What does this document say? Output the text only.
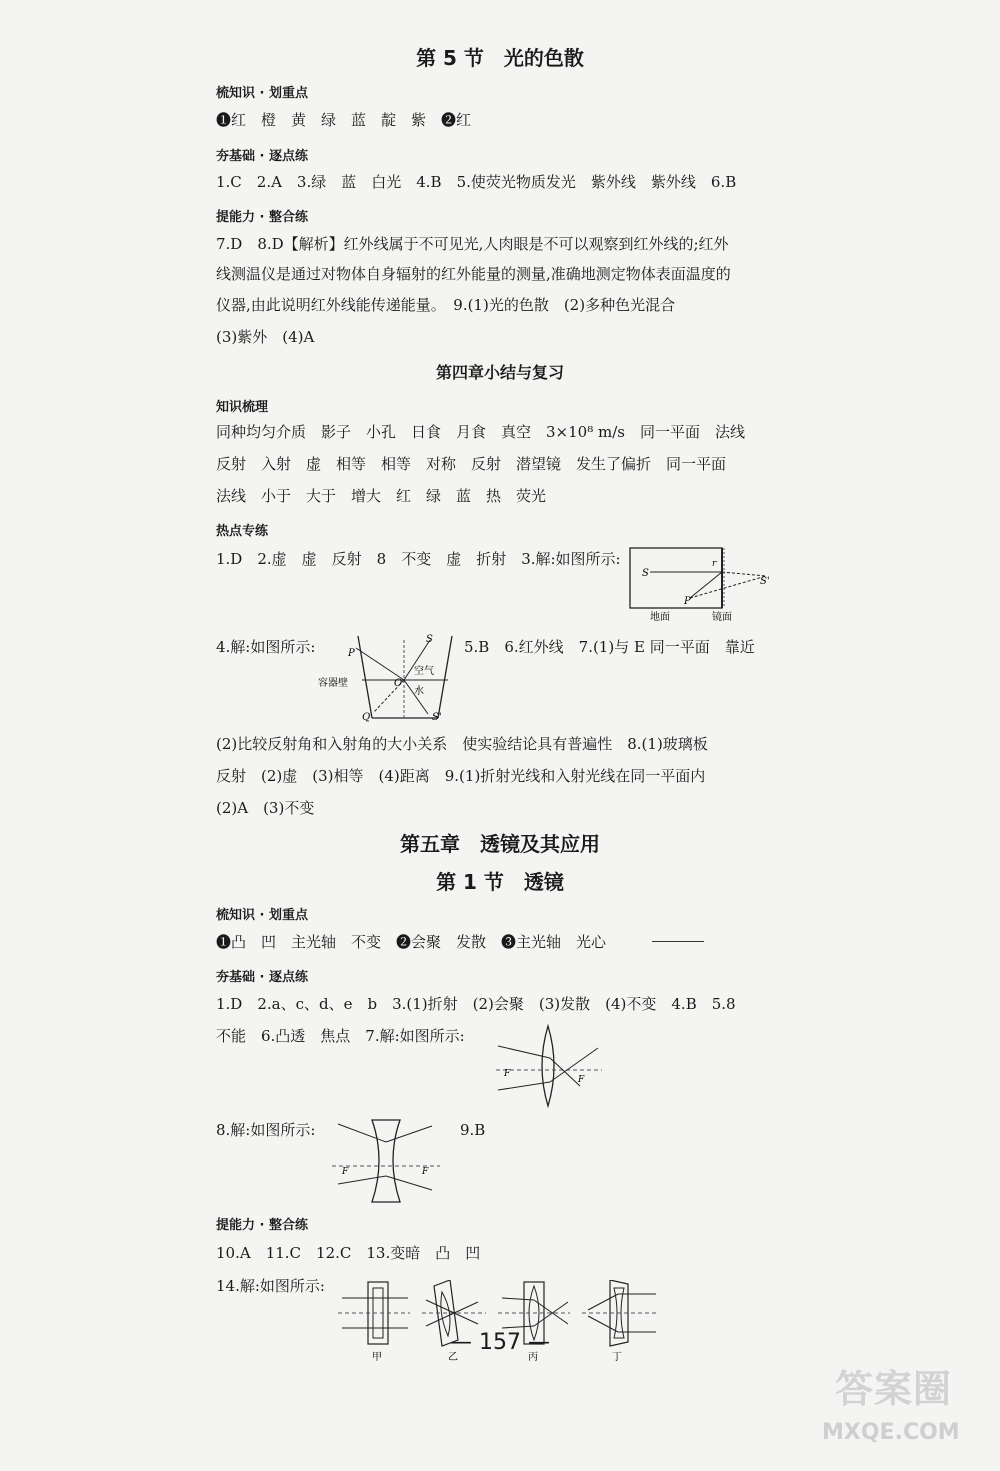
第 5 节　光的色散
梳知识 · 划重点
❶红　橙　黄　绿　蓝　靛　紫　❷红
夯基础 · 逐点练
1.C　2.A　3.绿　蓝　白光　4.B　5.使荧光物质发光　紫外线　紫外线　6.B
提能力 · 整合练
7.D　8.D【解析】红外线属于不可见光,人肉眼是不可以观察到红外线的;红外
线测温仪是通过对物体自身辐射的红外能量的测量,准确地测定物体表面温度的
仪器,由此说明红外线能传递能量。　9.(1)光的色散　(2)多种色光混合
(3)紫外　(4)A
第四章小结与复习
知识梳理
同种均匀介质　影子　小孔　日食　月食　真空　3×10⁸ m/s　同一平面　法线
反射　入射　虚　相等　相等　对称　反射　潜望镜　发生了偏折　同一平面
法线　小于　大于　增大　红　绿　蓝　热　荧光
热点专练
1.D　2.虚　虚　反射　8　不变　虚　折射　3.解:如图所示:
S
r
S'
P
地面	镜面
4.解:如图所示:	S
P
空气
水
容器壁	O
Q	S'
5.B　6.红外线　7.(1)与 E 同一平面　靠近
(2)比较反射角和入射角的大小关系　使实验结论具有普遍性　8.(1)玻璃板
反射　(2)虚　(3)相等　(4)距离　9.(1)折射光线和入射光线在同一平面内
(2)A　(3)不变
第五章　透镜及其应用
第 1 节　透镜
梳知识 · 划重点
❶凸　凹　主光轴　不变　❷会聚　发散　❸主光轴　光心
夯基础 · 逐点练
1.D　2.a、c、d、e　b　3.(1)折射　(2)会聚　(3)发散　(4)不变　4.B　5.8
不能　6.凸透　焦点　7.解:如图所示:
F
F
8.解:如图所示:
F	F
9.B
提能力 · 整合练
10.A　11.C　12.C　13.变暗　凸　凹
14.解:如图所示:
甲	乙	丙	丁
— 157 —
答案圈
MXQE.COM
